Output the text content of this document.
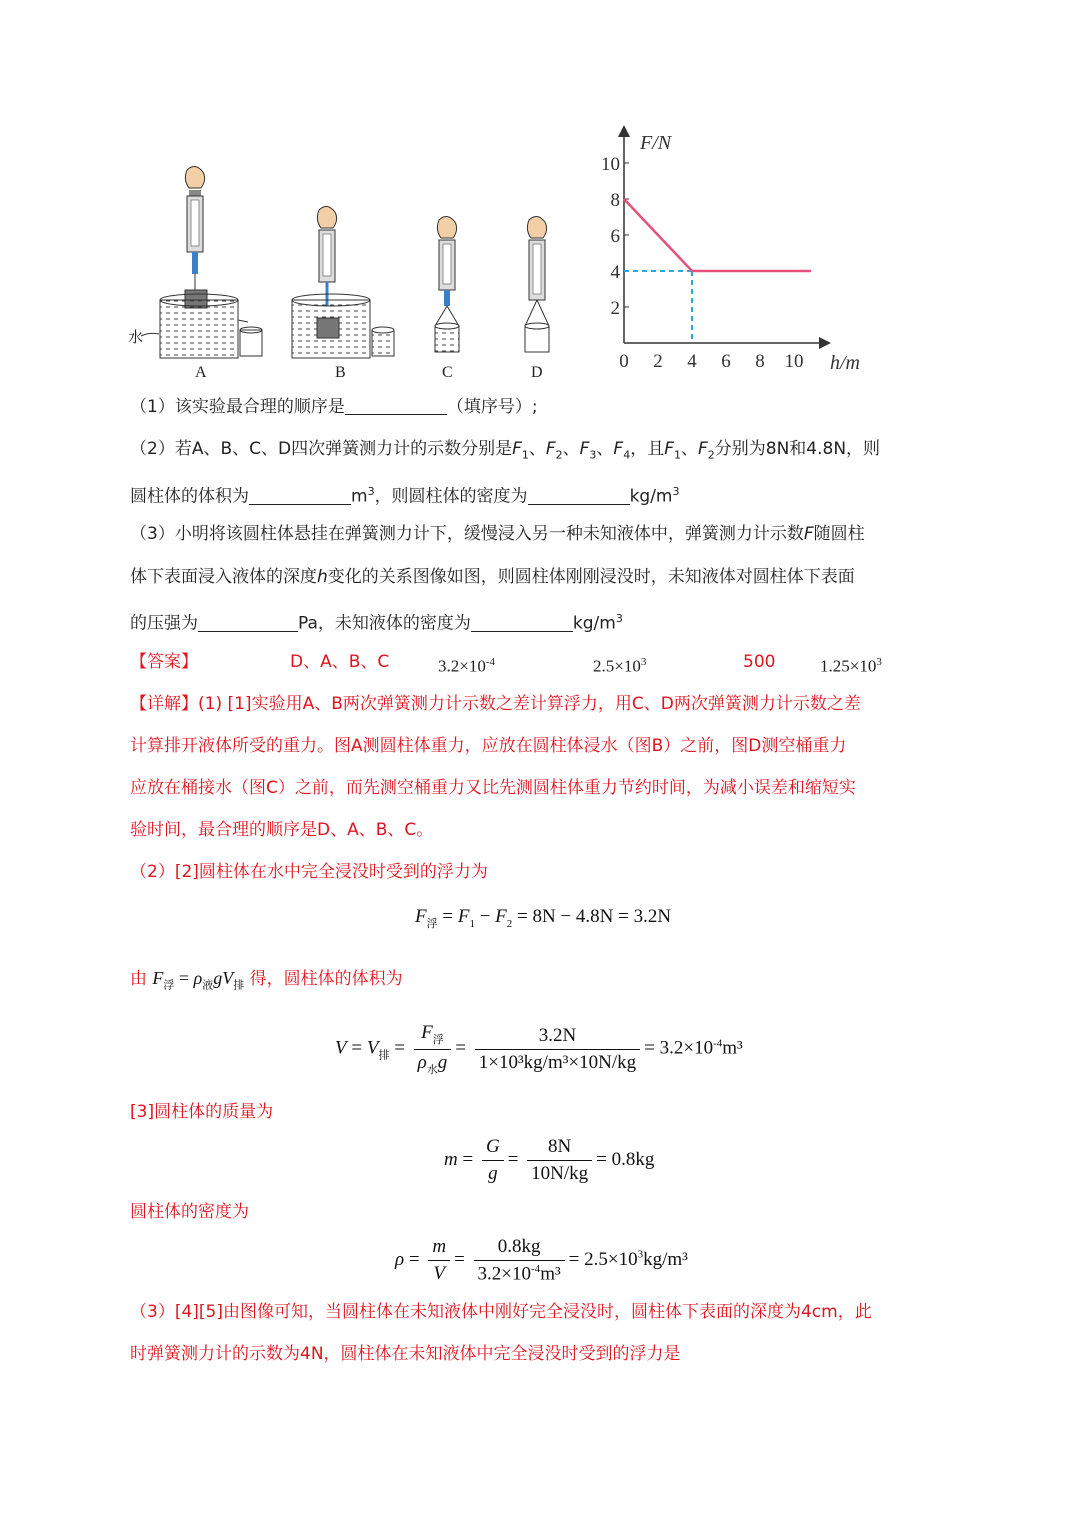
水
A	B	C	D
F/N
h/m
0 2 4 6 8 10
2
4
6
8
10
（1）该实验最合理的顺序是	（填序号）;
（2）若A、B、C、D四次弹簧测力计的示数分别是$F_1$、$F_2$、$F_3$、$F_4$，且$F_1$、$F_2$分别为8N和4.8N，则
圆柱体的体积为	$m^3$，则圆柱体的密度为	$kg/m^3$
（3）小明将该圆柱体悬挂在弹簧测力计下，缓慢浸入另一种未知液体中，弹簧测力计示数F随圆柱
体下表面浸入液体的深度h变化的关系图像如图，则圆柱体刚刚浸没时，未知液体对圆柱体下表面
的压强为	Pa，未知液体的密度为	$kg/m^3$
【答案】	D、A、B、C	$3.2\times 10^{-4}$	$2.5\times 10^3$	500	$1.25\times 10^3$
【详解】(1) [1]实验用A、B两次弹簧测力计示数之差计算浮力，用C、D两次弹簧测力计示数之差
计算排开液体所受的重力。图A测圆柱体重力，应放在圆柱体浸水（图B）之前，图D测空桶重力
应放在桶接水（图C）之前，而先测空桶重力又比先测圆柱体重力节约时间，为减小误差和缩短实
验时间，最合理的顺序是D、A、B、C。
（2）[2]圆柱体在水中完全浸没时受到的浮力为
$F_浮 = F_1 - F_2 = 8N - 4.8N = 3.2N$
由 $F_浮 = \rho_液gV_排$ 得，圆柱体的体积为
$V = V_排 = \frac{F_浮}{\rho_水g} = \frac{3.2N}{\text{1×10³kg/m³×10N/kg}} = 3.2\times 10^{-4}m^3$
[3]圆柱体的质量为
$m = \frac{G}{g} = \frac{8N}{10N/kg} = 0.8kg$
圆柱体的密度为
$\rho = \frac{m}{V} = \frac{0.8kg}{3.2\times 10^{-4}m^3} = 2.5\times 10^3kg/m^3$
（3）[4][5]由图像可知，当圆柱体在未知液体中刚好完全浸没时，圆柱体下表面的深度为4cm，此
时弹簧测力计的示数为4N，圆柱体在未知液体中完全浸没时受到的浮力是
